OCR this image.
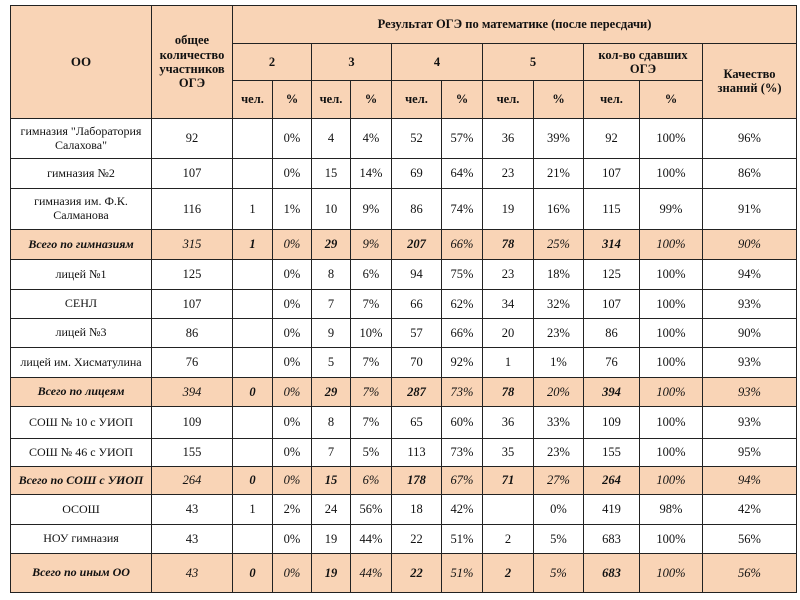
ОО	общее количество участников ОГЭ	Результат ОГЭ по математике (после пересдачи)										
		2		3		4		5		кол-во сдавших ОГЭ		Качество знаний (%)
		чел.	%	чел.	%	чел.	%	чел.	%	чел.	%	
гимназия "Лаборатория Салахова"	92		0%	4	4%	52	57%	36	39%	92	100%	96%
гимназия №2	107		0%	15	14%	69	64%	23	21%	107	100%	86%
гимназия им. Ф.К. Салманова	116	1	1%	10	9%	86	74%	19	16%	115	99%	91%
Всего по гимназиям	315	1	0%	29	9%	207	66%	78	25%	314	100%	90%
лицей №1	125		0%	8	6%	94	75%	23	18%	125	100%	94%
СЕНЛ	107		0%	7	7%	66	62%	34	32%	107	100%	93%
лицей №3	86		0%	9	10%	57	66%	20	23%	86	100%	90%
лицей им. Хисматулина	76		0%	5	7%	70	92%	1	1%	76	100%	93%
Всего по лицеям	394	0	0%	29	7%	287	73%	78	20%	394	100%	93%
СОШ № 10 с УИОП	109		0%	8	7%	65	60%	36	33%	109	100%	93%
СОШ № 46 с УИОП	155		0%	7	5%	113	73%	35	23%	155	100%	95%
Всего по СОШ с УИОП	264	0	0%	15	6%	178	67%	71	27%	264	100%	94%
ОСОШ	43	1	2%	24	56%	18	42%		0%	419	98%	42%
НОУ гимназия	43		0%	19	44%	22	51%	2	5%	683	100%	56%
Всего по иным ОО	43	0	0%	19	44%	22	51%	2	5%	683	100%	56%
